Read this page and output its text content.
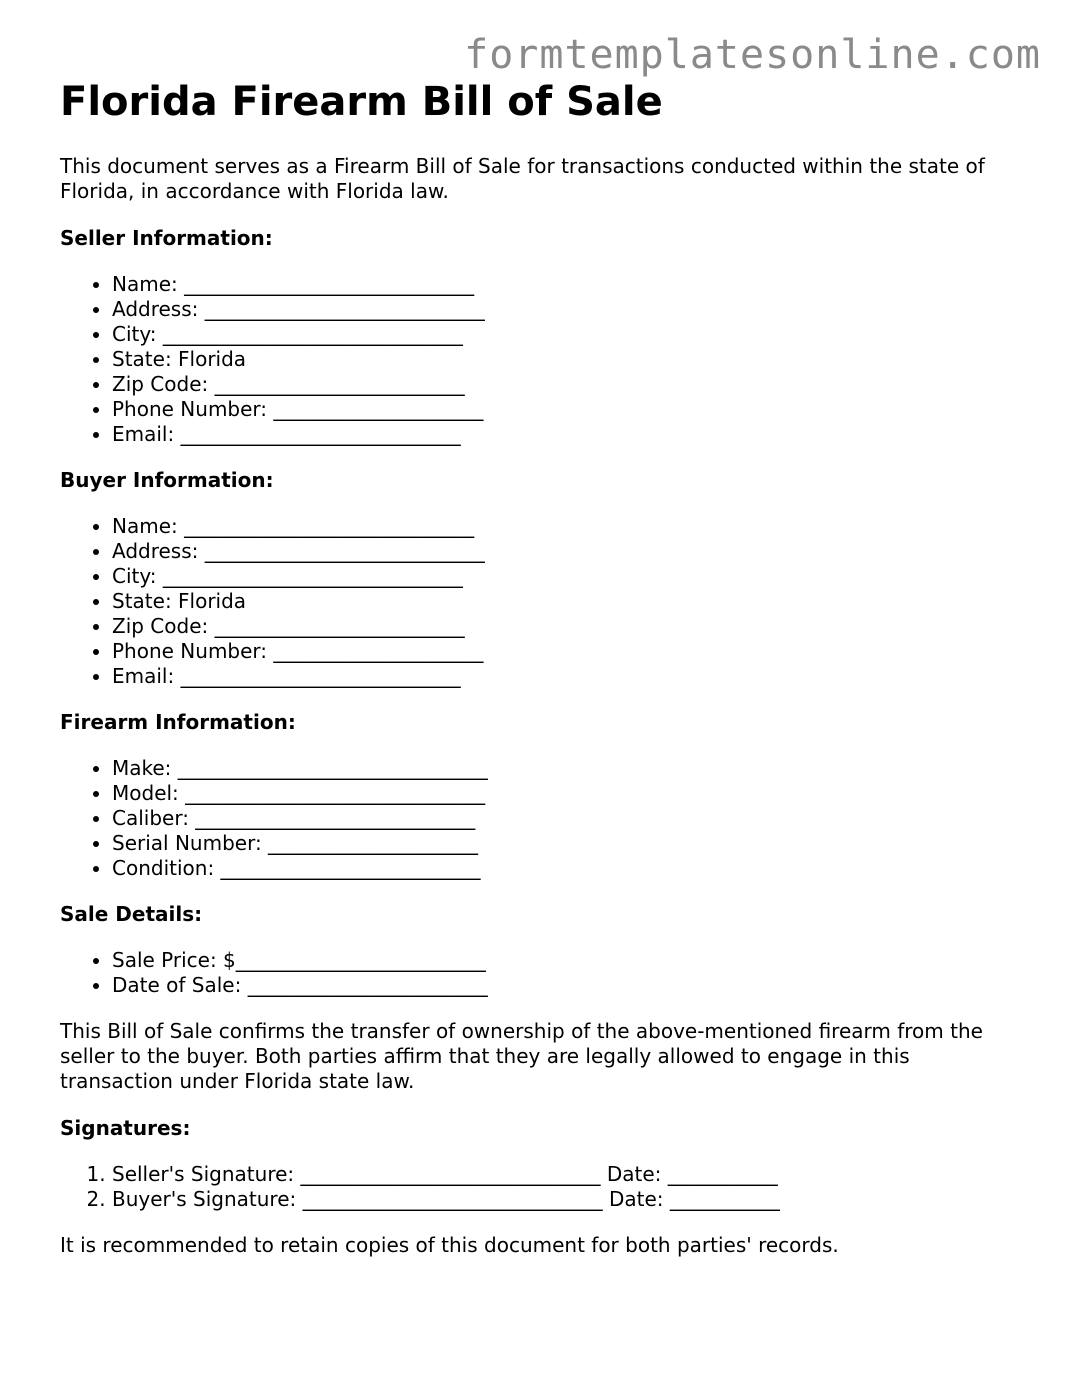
formtemplatesonline.com
Florida Firearm Bill of Sale

This document serves as a Firearm Bill of Sale for transactions conducted within the state of Florida, in accordance with Florida law.

Seller Information:
• Name: _____________________________
• Address: ____________________________
• City: ______________________________
• State: Florida
• Zip Code: _________________________
• Phone Number: _____________________
• Email: ____________________________
Buyer Information:
• Name: _____________________________
• Address: ____________________________
• City: ______________________________
• State: Florida
• Zip Code: _________________________
• Phone Number: _____________________
• Email: ____________________________
Firearm Information:
• Make: _______________________________
• Model: ______________________________
• Caliber: ____________________________
• Serial Number: _____________________
• Condition: __________________________
Sale Details:
• Sale Price: $_________________________
• Date of Sale: ________________________

This Bill of Sale confirms the transfer of ownership of the above-mentioned firearm from the seller to the buyer. Both parties affirm that they are legally allowed to engage in this transaction under Florida state law.

Signatures:
1. Seller's Signature: ______________________________ Date: ___________
2. Buyer's Signature: ______________________________ Date: ___________

It is recommended to retain copies of this document for both parties' records.
